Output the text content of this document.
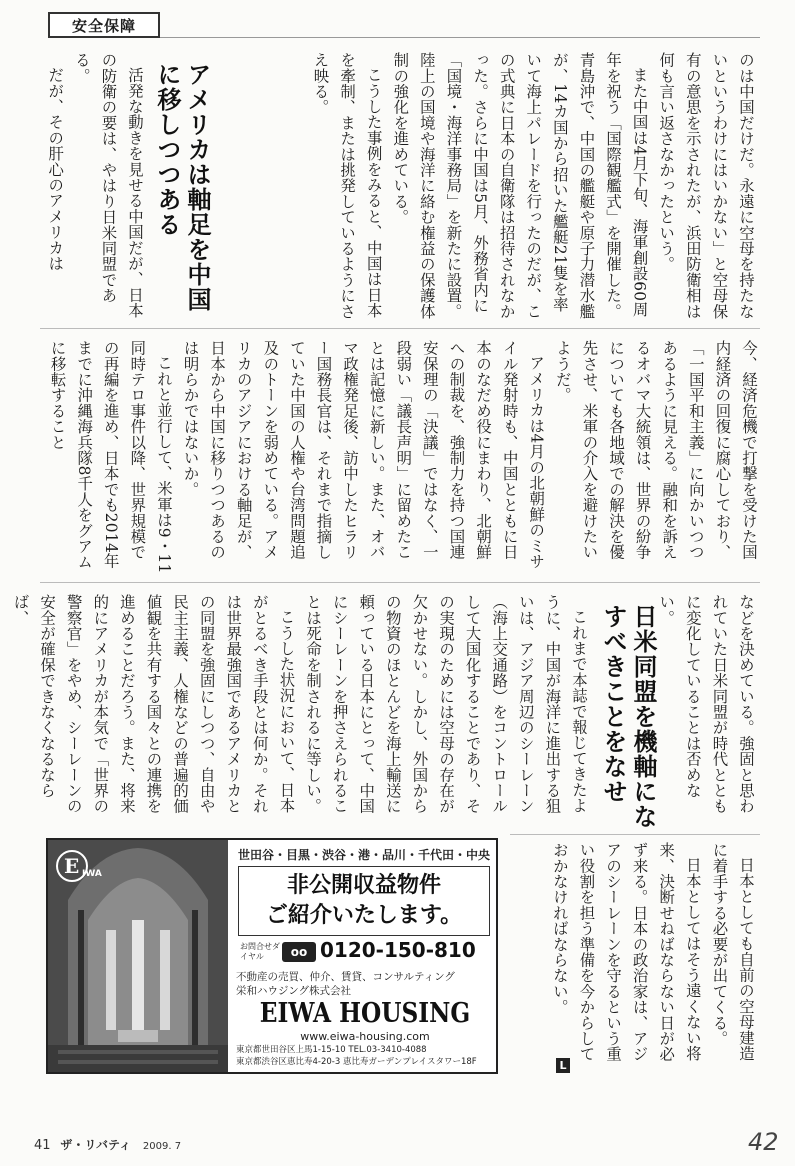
安全保障

のは中国だけだ。永遠に空母を持たないというわけにはいかない」と空母保有の意思を示されたが、浜田防衛相は何も言い返さなかったという。

また中国は4月下旬、海軍創設60周年を祝う「国際観艦式」を開催した。青島沖で、中国の艦艇や原子力潜水艦が、14カ国から招いた艦艇21隻を率いて海上パレードを行ったのだが、この式典に日本の自衛隊は招待されなかった。さらに中国は5月、外務省内に「国境・海洋事務局」を新たに設置。陸上の国境や海洋に絡む権益の保護体制の強化を進めている。

こうした事例をみると、中国は日本を牽制、または挑発しているようにさえ映る。

アメリカは軸足を中国に移しつつある

活発な動きを見せる中国だが、日本の防衛の要は、やはり日米同盟である。

だが、その肝心のアメリカは

今、経済危機で打撃を受けた国内経済の回復に腐心しており、「一国平和主義」に向かいつつあるように見える。融和を訴えるオバマ大統領は、世界の紛争についても各地域での解決を優先させ、米軍の介入を避けたいようだ。

アメリカは4月の北朝鮮のミサイル発射時も、中国とともに日本のなだめ役にまわり、北朝鮮への制裁を、強制力を持つ国連安保理の「決議」ではなく、一段弱い「議長声明」に留めたことは記憶に新しい。また、オバマ政権発足後、訪中したヒラリー国務長官は、それまで指摘していた中国の人権や台湾問題追及のトーンを弱めている。アメリカのアジアにおける軸足が、日本から中国に移りつつあるのは明らかではないか。

これと並行して、米軍は9・11同時テロ事件以降、世界規模での再編を進め、日本でも2014年までに沖縄海兵隊8千人をグアムに移転すること

などを決めている。強固と思われていた日米同盟が時代とともに変化していることは否めない。

日米同盟を機軸になすべきことをなせ

これまで本誌で報じてきたように、中国が海洋に進出する狙いは、アジア周辺のシーレーン（海上交通路）をコントロールして大国化することであり、その実現のためには空母の存在が欠かせない。しかし、外国からの物資のほとんどを海上輸送に頼っている日本にとって、中国にシーレーンを押さえられることは死命を制されるに等しい。

こうした状況において、日本がとるべき手段とは何か。それは世界最強国であるアメリカとの同盟を強固にしつつ、自由や民主主義、人権などの普遍的価値観を共有する国々との連携を進めることだろう。また、将来的にアメリカが本気で「世界の警察官」をやめ、シーレーンの安全が確保できなくなるならば、

日本としても自前の空母建造に着手する必要が出てくる。

日本としてはそう遠くない将来、決断せねばならない日が必ず来る。日本の政治家は、アジアのシーレーンを守るという重い役割を担う準備を今からしておかなければならない。

L
E IWA
世田谷・目黒・渋谷・港・品川・千代田・中央
非公開収益物件
ご紹介いたします。
お問合せダイヤル	oo 0120-150-810
不動産の売買、仲介、賃貸、コンサルティング
栄和ハウジング株式会社
EIWA HOUSING
www.eiwa-housing.com
東京都世田谷区上馬1-15-10 TEL.03-3410-4088
東京都渋谷区恵比寿4-20-3 恵比寿ガーデンプレイスタワー18F
41 ザ・リバティ 2009. 7	42
